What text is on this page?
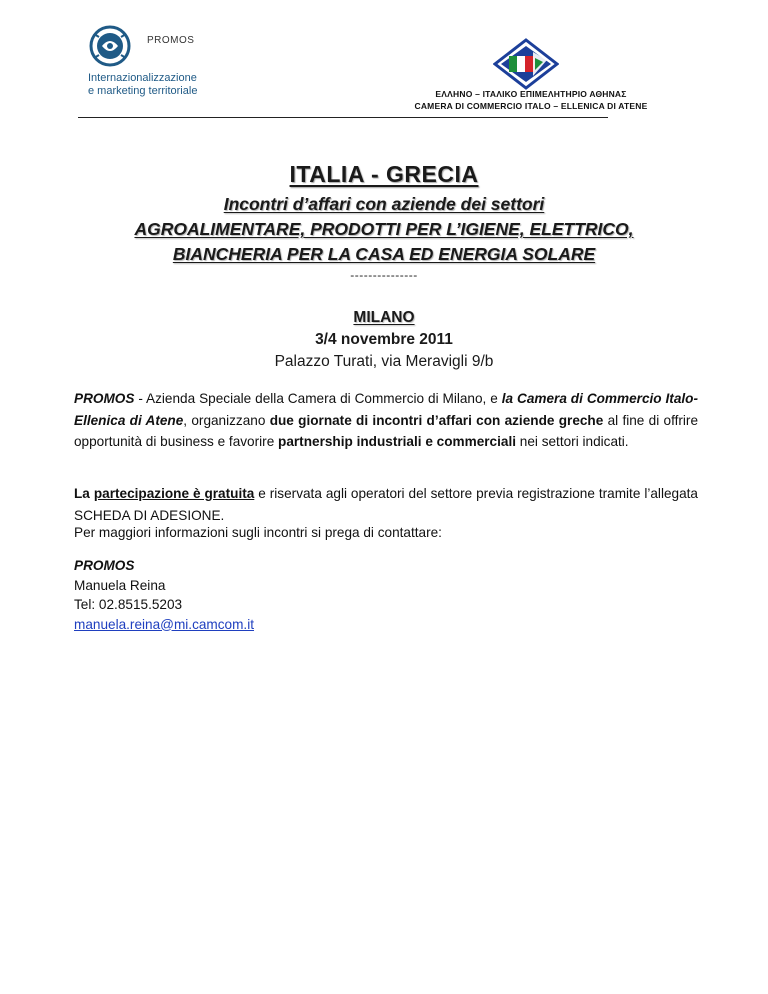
PROMOS
Internazionalizzazione
e marketing territoriale	ΕΛΛΗΝΟ – ΙΤΑΛΙΚΟ ΕΠΙΜΕΛΗΤΗΡΙΟ ΑΘΗΝΑΣ
CAMERA DI COMMERCIO ITALO – ELLENICA DI ATENE
ITALIA - GRECIA
Incontri d’affari con aziende dei settori
AGROALIMENTARE, PRODOTTI PER L’IGIENE, ELETTRICO,
BIANCHERIA PER LA CASA ED ENERGIA SOLARE
---------------
MILANO
3/4 novembre 2011
Palazzo Turati, via Meravigli 9/b
PROMOS - Azienda Speciale della Camera di Commercio di Milano, e la Camera di Commercio Italo- Ellenica di Atene, organizzano due giornate di incontri d’affari con aziende greche al fine di offrire opportunità di business e favorire partnership industriali e commerciali nei settori indicati.
La partecipazione è gratuita e riservata agli operatori del settore previa registrazione tramite l’allegata SCHEDA DI ADESIONE.
Per maggiori informazioni sugli incontri si prega di contattare:
PROMOS
Manuela Reina
Tel: 02.8515.5203
manuela.reina@mi.camcom.it
